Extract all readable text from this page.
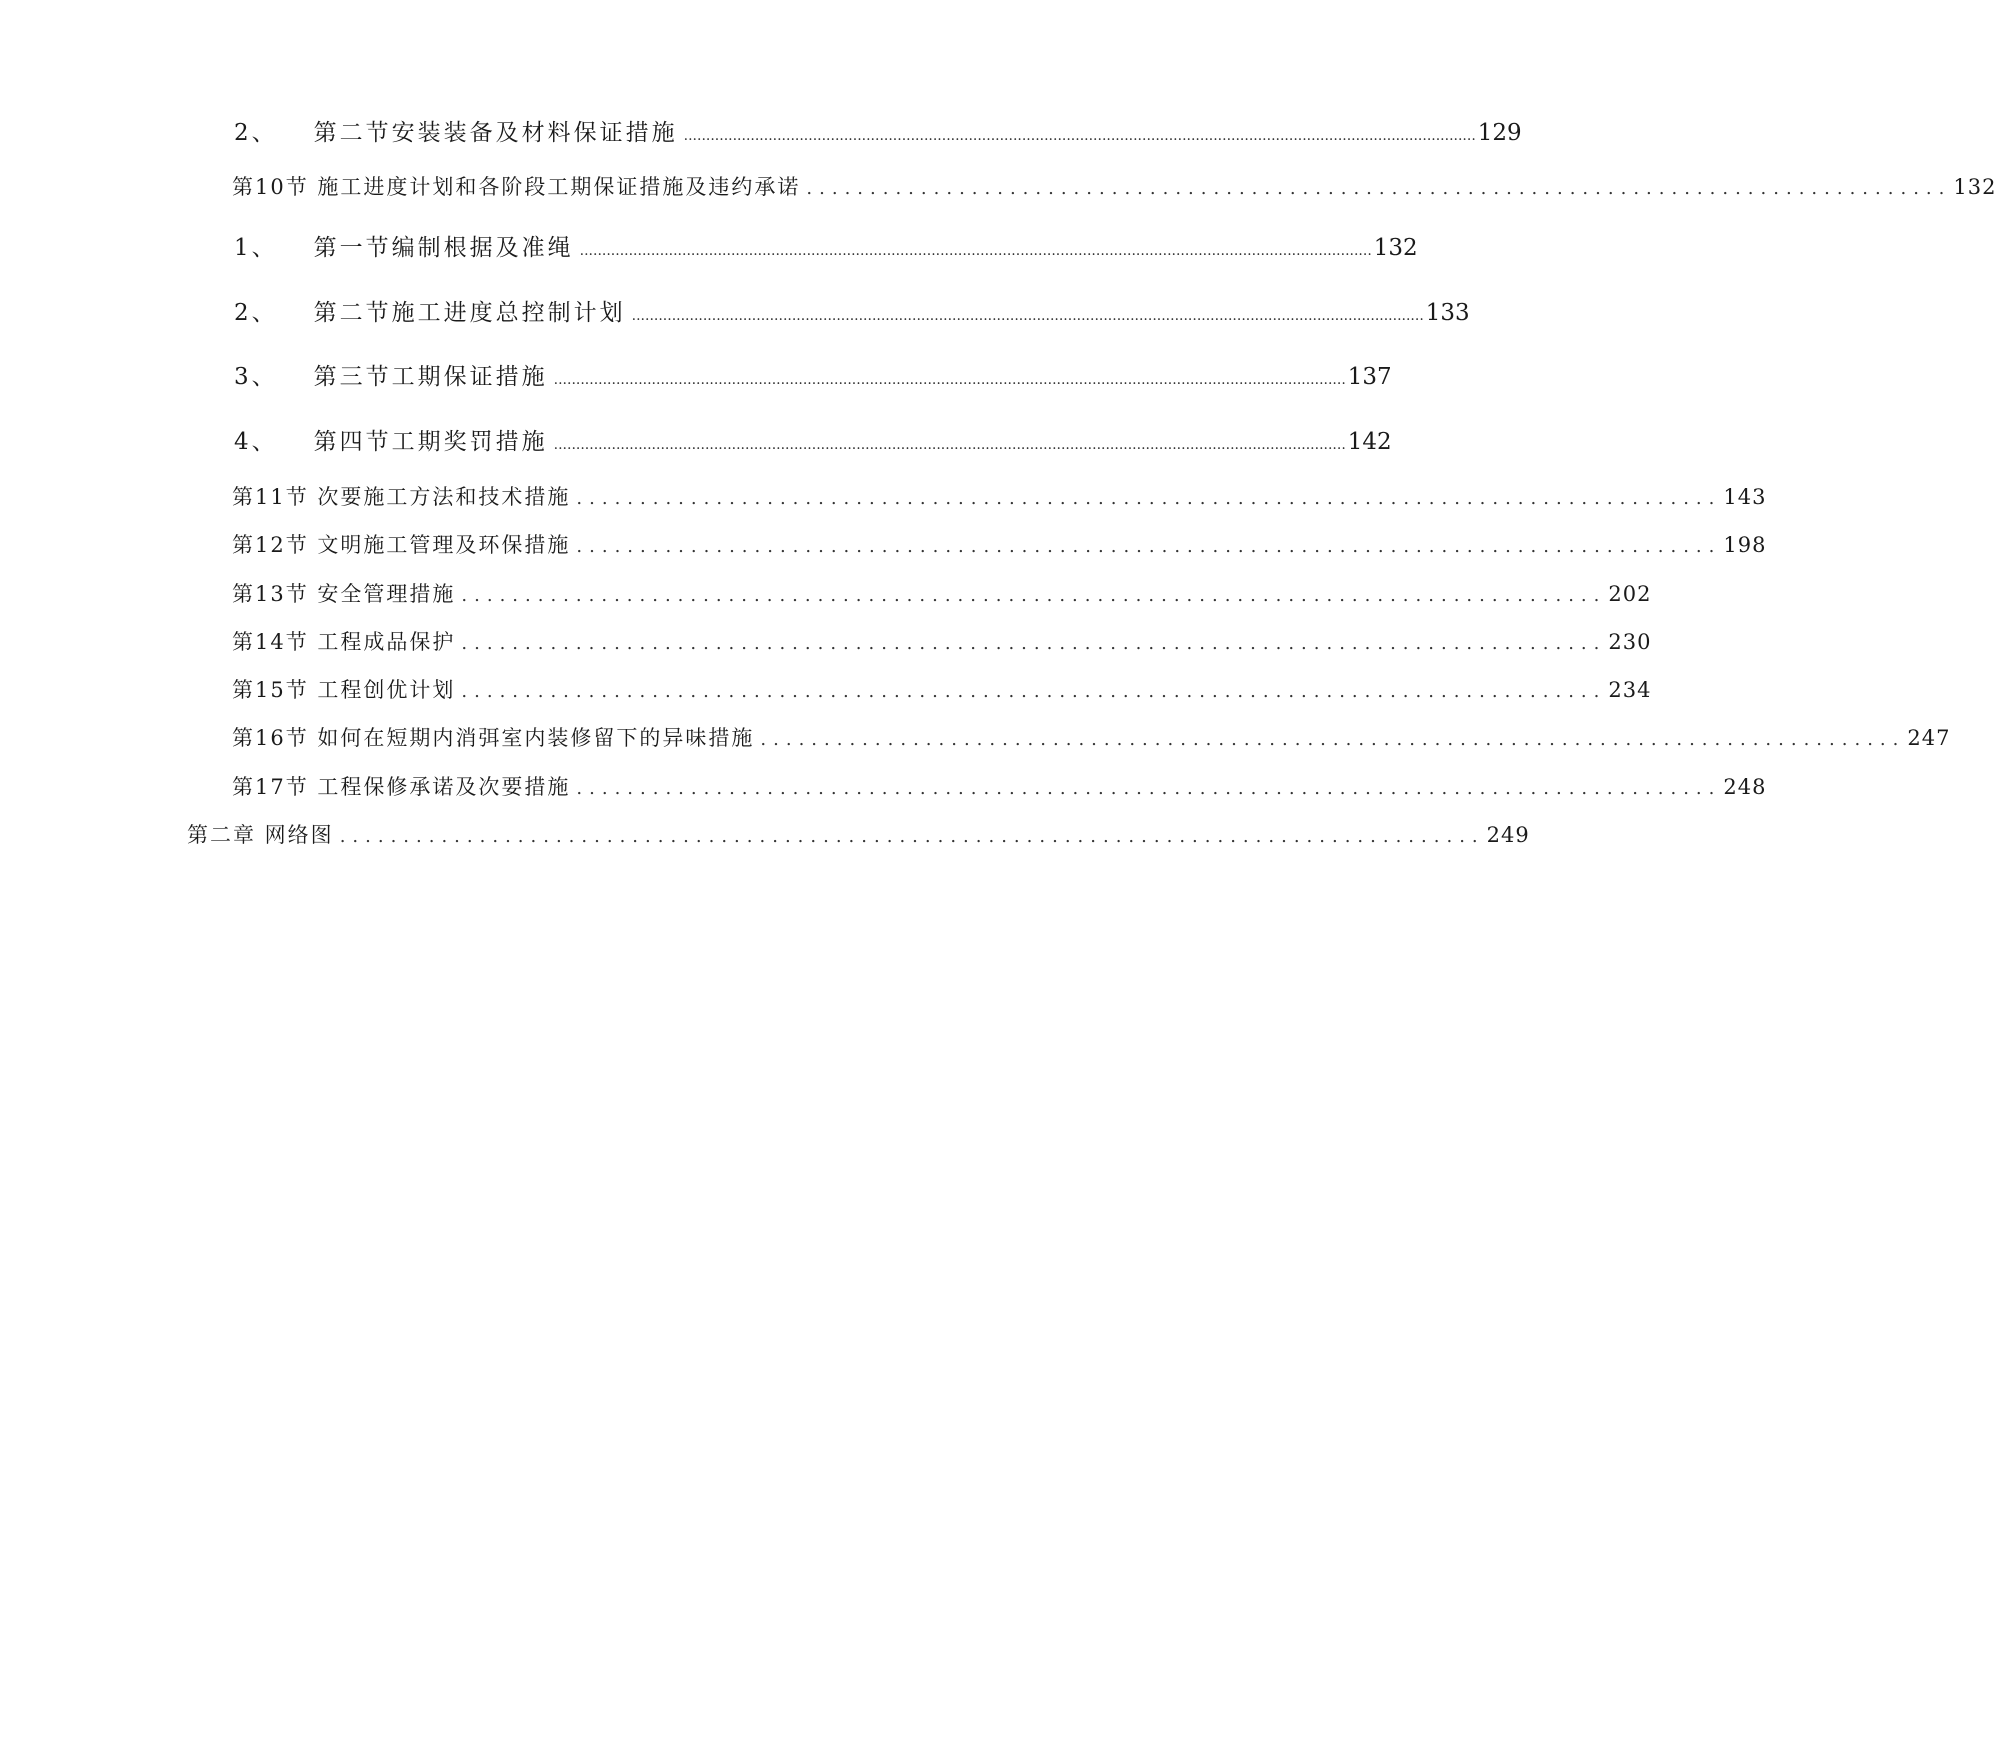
2、 第二节安装装备及材料保证措施 .................................................................................................................................................................................. 129
第10节 施工进度计划和各阶段工期保证措施及违约承诺 .......................................................................................... 132
1、 第一节编制根据及准绳 .................................................................................................................................................................................. 132
2、 第二节施工进度总控制计划 .................................................................................................................................................................................. 133
3、 第三节工期保证措施 .................................................................................................................................................................................. 137
4、 第四节工期奖罚措施 .................................................................................................................................................................................. 142
第11节 次要施工方法和技术措施 .......................................................................................... 143
第12节 文明施工管理及环保措施 .......................................................................................... 198
第13节 安全管理措施 .......................................................................................... 202
第14节 工程成品保护 .......................................................................................... 230
第15节 工程创优计划 .......................................................................................... 234
第16节 如何在短期内消弭室内装修留下的异味措施 .......................................................................................... 247
第17节 工程保修承诺及次要措施 .......................................................................................... 248
第二章 网络图 .......................................................................................... 249
